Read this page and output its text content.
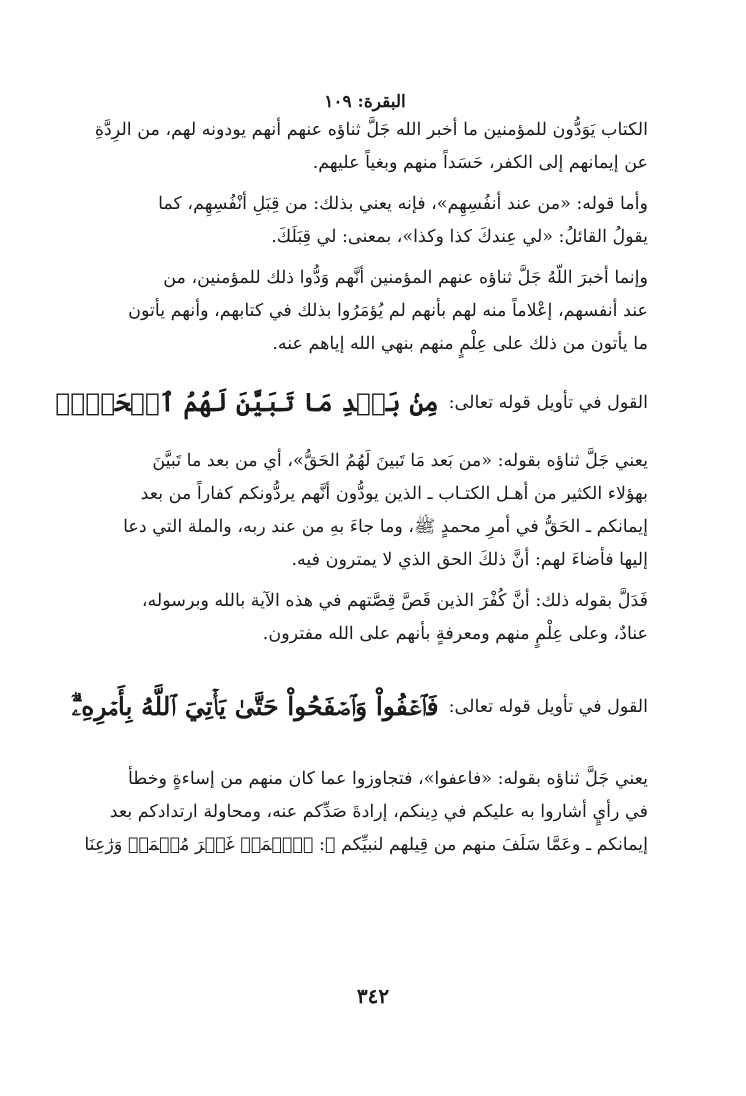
البقرة: ١٠٩

الكتاب يَوَدُّون للمؤمنين ما أخبر الله جَلَّ ثناؤه عنهم أنهم يودونه لهم، من الرِدَّةِ
عن إيمانهم إلى الكفر، حَسَداً منهم وبغياً عليهم.

وأما قوله: «من عند أنفُسِهِم»، فإنه يعني بذلك: من قِبَلِ أنْفُسِهِم، كما
يقولُ القائلُ: «لي عِندكَ كذا وكذا»، بمعنى: لي قِبَلَكَ.

وإنما أخبرَ اللّهُ جَلَّ ثناؤه عنهم المؤمنين أنَّهم وَدُّوا ذلك للمؤمنين، من
عند أنفسهم، إعْلاماً منه لهم بأنهم لم يُؤمَرُوا بذلك في كتابهم، وأنهم يأتون
ما يأتون من ذلك على عِلْمٍ منهم بنهي الله إياهم عنه.

القول في تأويل قوله تعالى:
مِنۢ بَعۡدِ مَا تَبَيَّنَ لَهُمُ ٱلۡحَقُّۖ

يعني جَلَّ ثناؤه بقوله: «من بَعد مَا تَبينَ لَهُمُ الحَقُّ»، أي من بعد ما تَبيَّنَ
بهؤلاء الكثير من أهـل الكتـاب ـ الذين يودُّون أنَّهم يردُّونكم كفاراً من بعد
إيمانكم ـ الحَقُّ في أمرِ محمدٍ ﷺ، وما جاءَ بهِ من عند ربه، والملة التي دعا
إليها فأضاءَ لهم: أنَّ ذلكَ الحق الذي لا يمترون فيه.

فَدَلَّ بقوله ذلك: أنَّ كُفْرَ الذين قَصَّ قِصَّتهم في هذه الآية بالله وبرسوله،
عنادٌ، وعلى عِلْمٍ منهم ومعرفةٍ بأنهم على الله مفترون.

القول في تأويل قوله تعالى:
فَٱعۡفُواْ وَٱصۡفَحُواْ حَتَّىٰ يَأۡتِيَ ٱللَّهُ بِأَمۡرِهِۦٓۗ

يعني جَلَّ ثناؤه بقوله: «فاعفوا»، فتجاوزوا عما كان منهم من إساءةٍ وخطأ
في رأيٍ أشاروا به عليكم في دِينكم، إرادةَ صَدِّكم عنه، ومحاولة ارتدادكم بعد
إيمانكم ـ وعَمَّا سَلَفَ منهم من قِيلهم لنبيِّكم ﷺ: ﴿ٱسۡمَعۡ غَيۡرَ مُسۡمَعٖ وَرَٰعِنَا

٣٤٢
